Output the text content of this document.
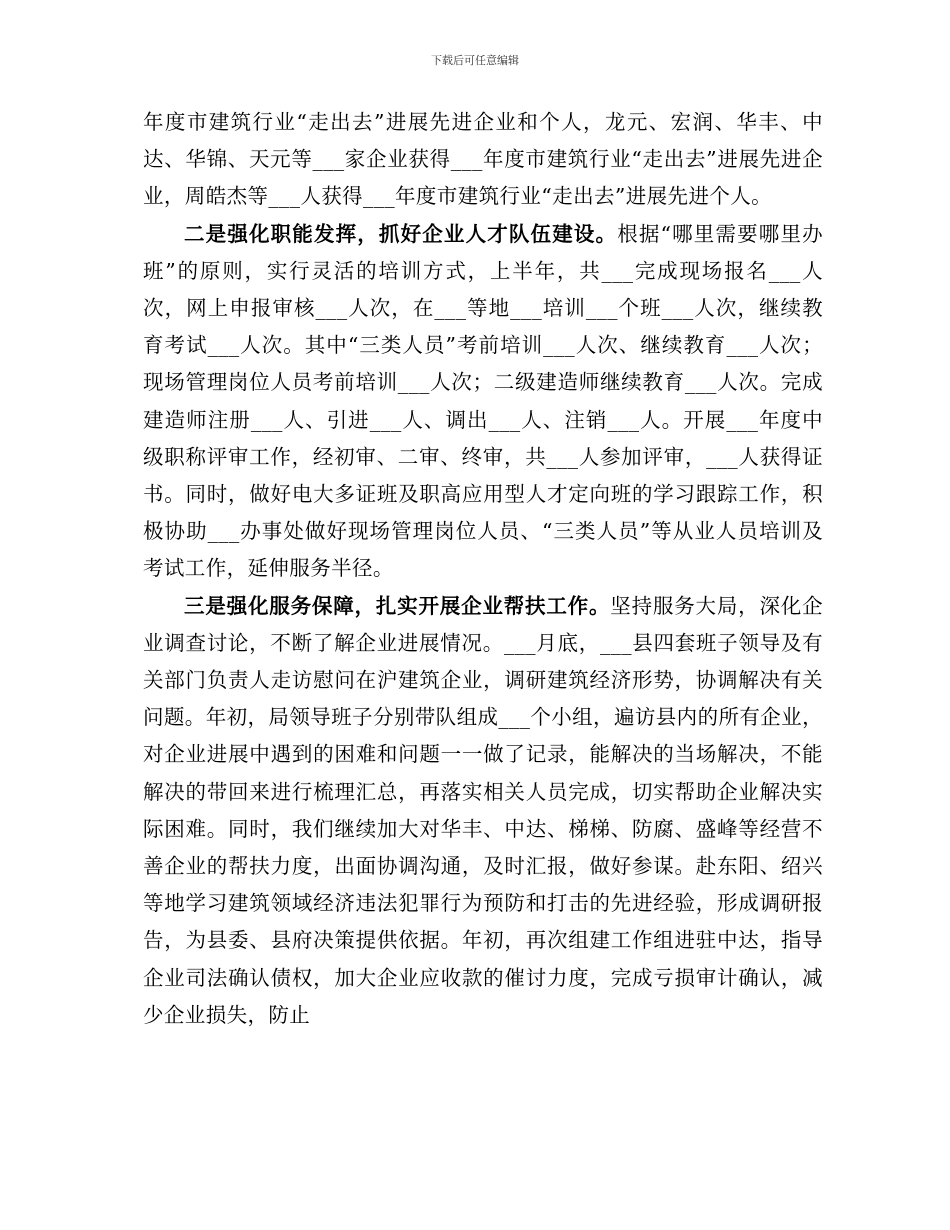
下载后可任意编辑

年度市建筑行业“走出去”进展先进企业和个人，龙元、宏润、华丰、中达、华锦、天元等___家企业获得___年度市建筑行业“走出去”进展先进企业，周皓杰等___人获得___年度市建筑行业“走出去”进展先进个人。

二是强化职能发挥，抓好企业人才队伍建设。根据“哪里需要哪里办班”的原则，实行灵活的培训方式，上半年，共___完成现场报名___人次，网上申报审核___人次，在___等地___培训___个班___人次，继续教育考试___人次。其中“三类人员”考前培训___人次、继续教育___人次；现场管理岗位人员考前培训___人次；二级建造师继续教育___人次。完成建造师注册___人、引进___人、调出___人、注销___人。开展___年度中级职称评审工作，经初审、二审、终审，共___人参加评审，___人获得证书。同时，做好电大多证班及职高应用型人才定向班的学习跟踪工作，积极协助___办事处做好现场管理岗位人员、“三类人员”等从业人员培训及考试工作，延伸服务半径。

三是强化服务保障，扎实开展企业帮扶工作。坚持服务大局，深化企业调查讨论，不断了解企业进展情况。___月底，___县四套班子领导及有关部门负责人走访慰问在沪建筑企业，调研建筑经济形势，协调解决有关问题。年初，局领导班子分别带队组成___个小组，遍访县内的所有企业，对企业进展中遇到的困难和问题一一做了记录，能解决的当场解决，不能解决的带回来进行梳理汇总，再落实相关人员完成，切实帮助企业解决实际困难。同时，我们继续加大对华丰、中达、梯梯、防腐、盛峰等经营不善企业的帮扶力度，出面协调沟通，及时汇报，做好参谋。赴东阳、绍兴等地学习建筑领域经济违法犯罪行为预防和打击的先进经验，形成调研报告，为县委、县府决策提供依据。年初，再次组建工作组进驻中达，指导企业司法确认债权，加大企业应收款的催讨力度，完成亏损审计确认，减少企业损失，防止
